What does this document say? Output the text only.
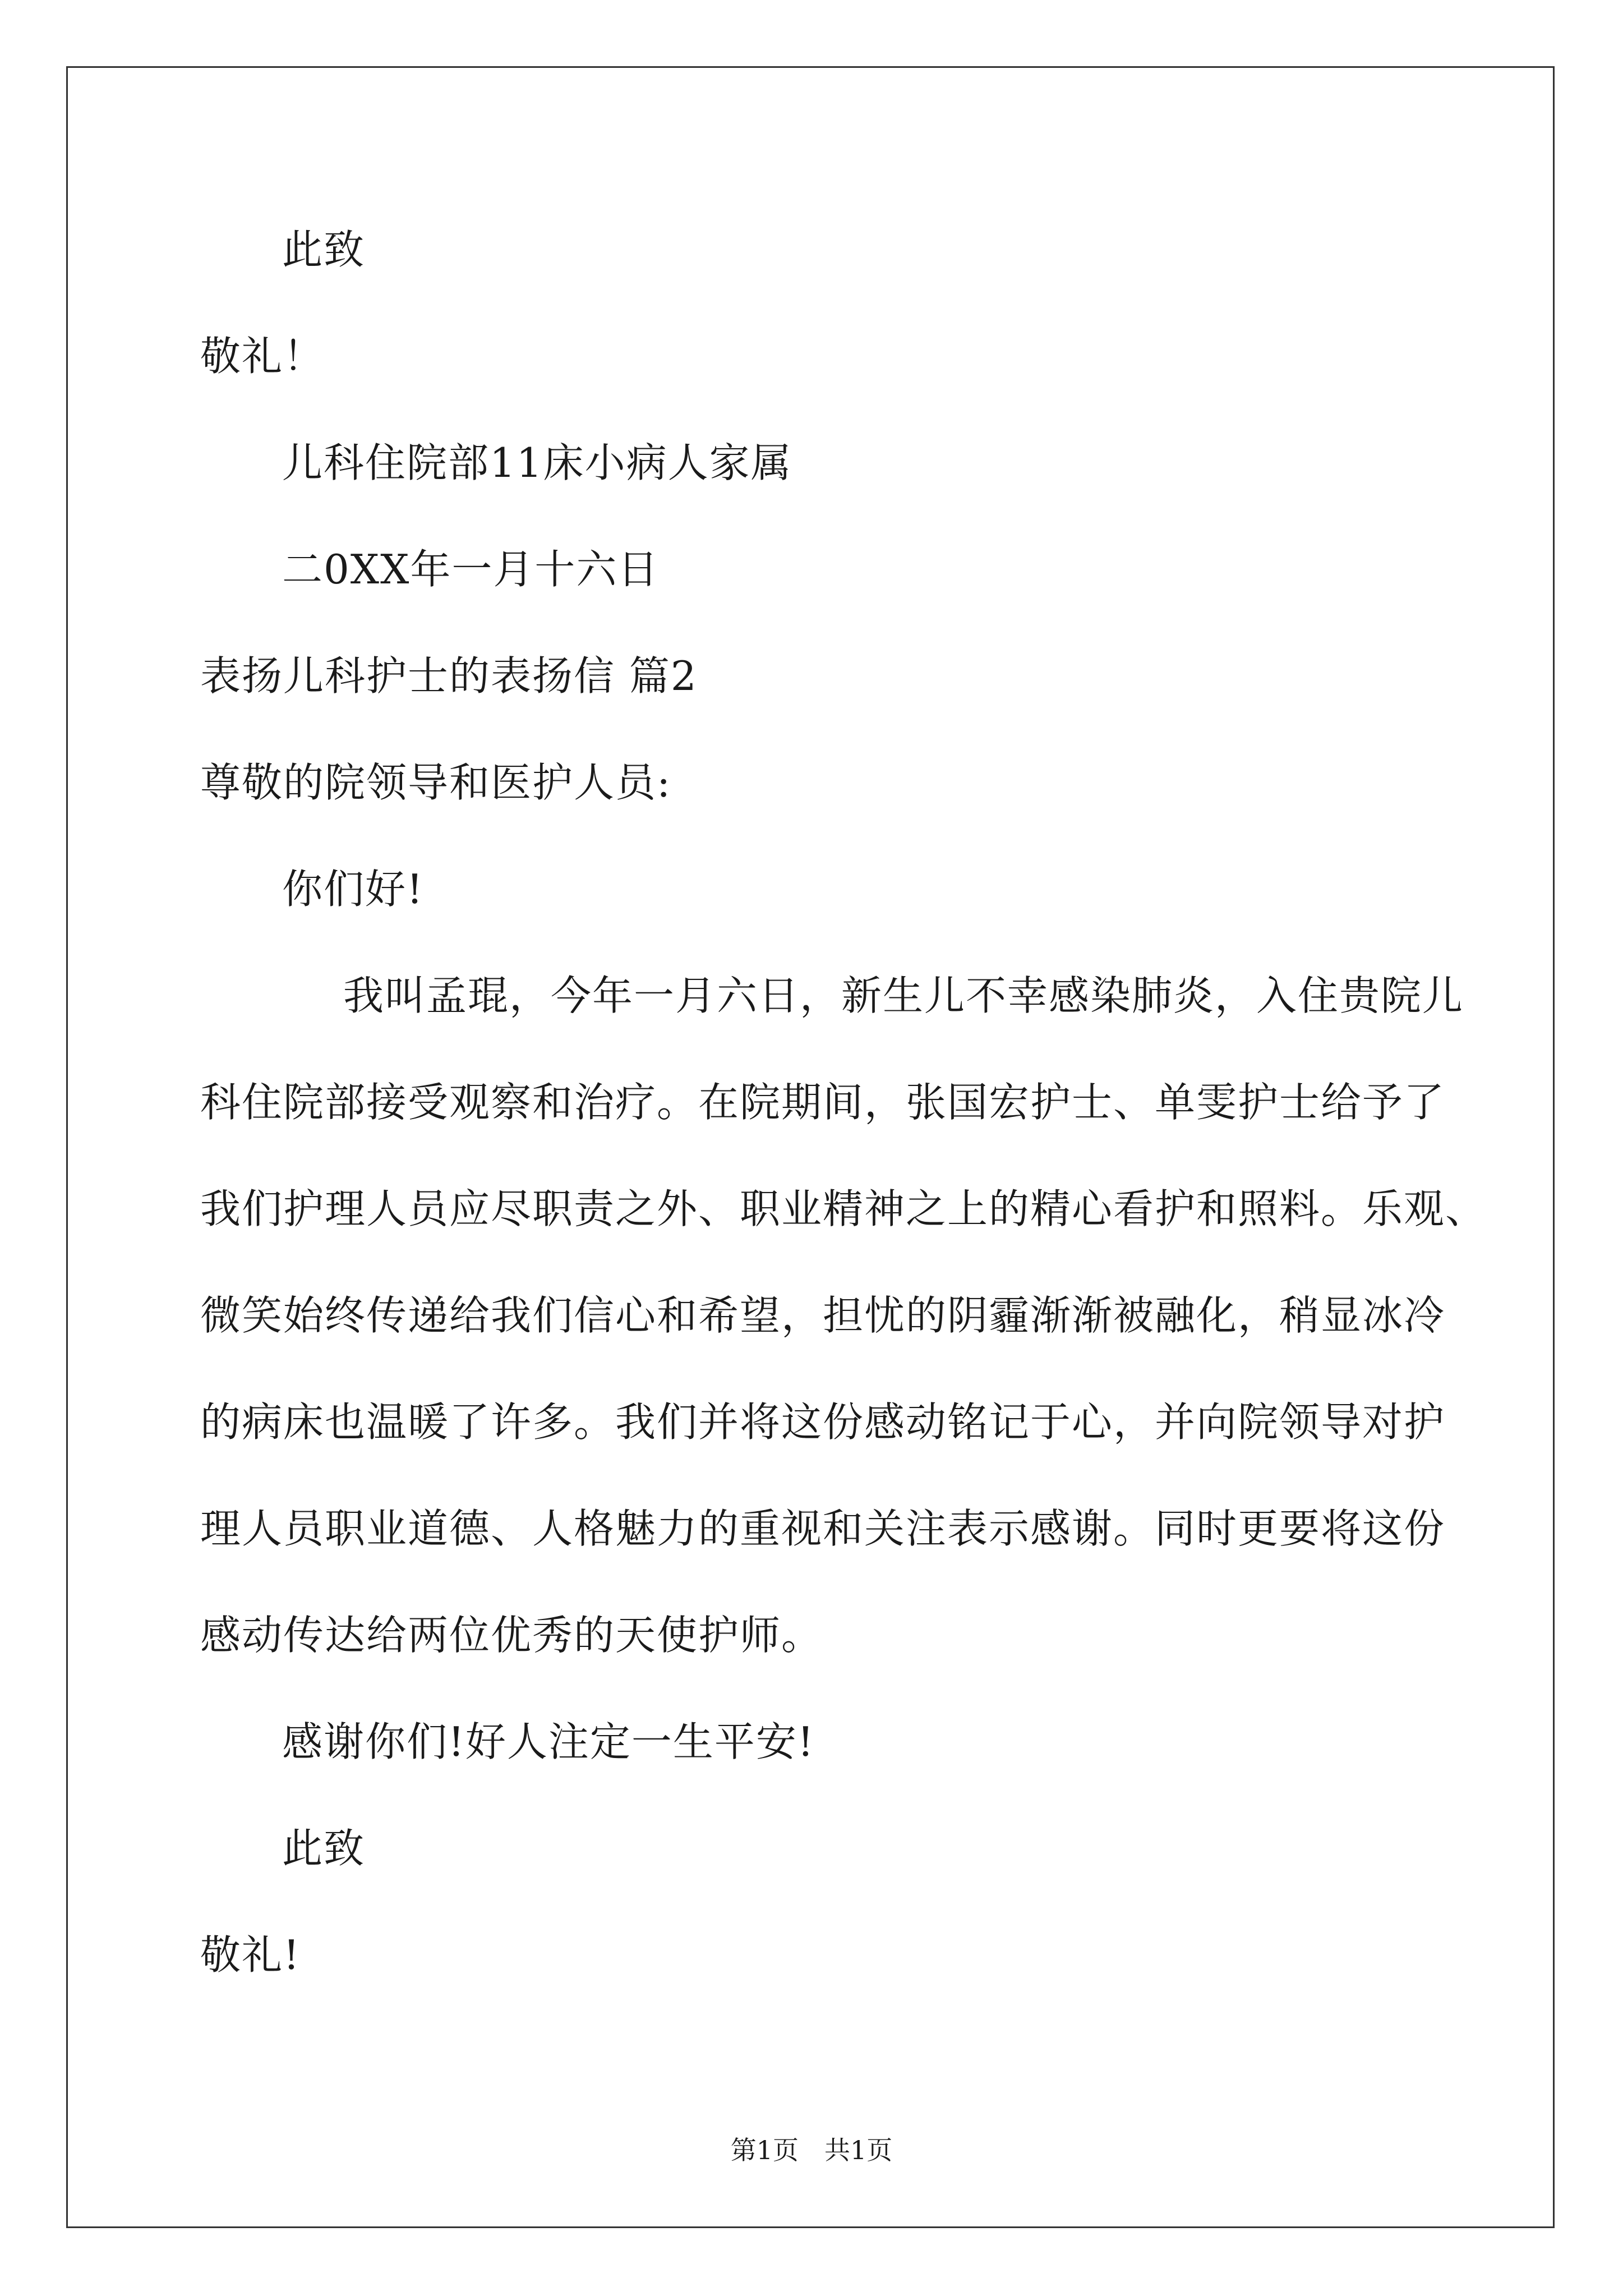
此致
敬礼！
儿科住院部11床小病人家属
二0XX年一月十六日
表扬儿科护士的表扬信 篇2
尊敬的院领导和医护人员:
你们好!
我叫孟琨，今年一月六日，新生儿不幸感染肺炎，入住贵院儿
科住院部接受观察和治疗。在院期间，张国宏护士、单雯护士给予了
我们护理人员应尽职责之外、职业精神之上的精心看护和照料。乐观、
微笑始终传递给我们信心和希望，担忧的阴霾渐渐被融化，稍显冰冷
的病床也温暖了许多。我们并将这份感动铭记于心，并向院领导对护
理人员职业道德、人格魅力的重视和关注表示感谢。同时更要将这份
感动传达给两位优秀的天使护师。
感谢你们!好人注定一生平安!
此致
敬礼!
第1页　共1页
